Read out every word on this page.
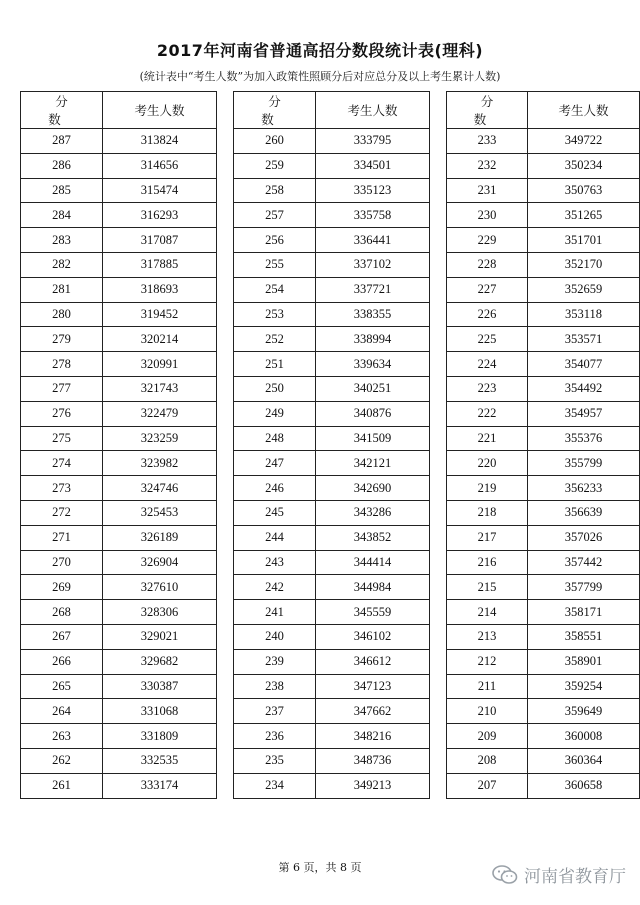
2017年河南省普通高招分数段统计表(理科)
(统计表中“考生人数”为加入政策性照顾分后对应总分及以上考生累计人数)
分 数	考生人数
287	313824
286	314656
285	315474
284	316293
283	317087
282	317885
281	318693
280	319452
279	320214
278	320991
277	321743
276	322479
275	323259
274	323982
273	324746
272	325453
271	326189
270	326904
269	327610
268	328306
267	329021
266	329682
265	330387
264	331068
263	331809
262	332535
261	333174
分 数	考生人数
260	333795
259	334501
258	335123
257	335758
256	336441
255	337102
254	337721
253	338355
252	338994
251	339634
250	340251
249	340876
248	341509
247	342121
246	342690
245	343286
244	343852
243	344414
242	344984
241	345559
240	346102
239	346612
238	347123
237	347662
236	348216
235	348736
234	349213
分 数	考生人数
233	349722
232	350234
231	350763
230	351265
229	351701
228	352170
227	352659
226	353118
225	353571
224	354077
223	354492
222	354957
221	355376
220	355799
219	356233
218	356639
217	357026
216	357442
215	357799
214	358171
213	358551
212	358901
211	359254
210	359649
209	360008
208	360364
207	360658
第 6 页，共 8 页	河南省教育厅
